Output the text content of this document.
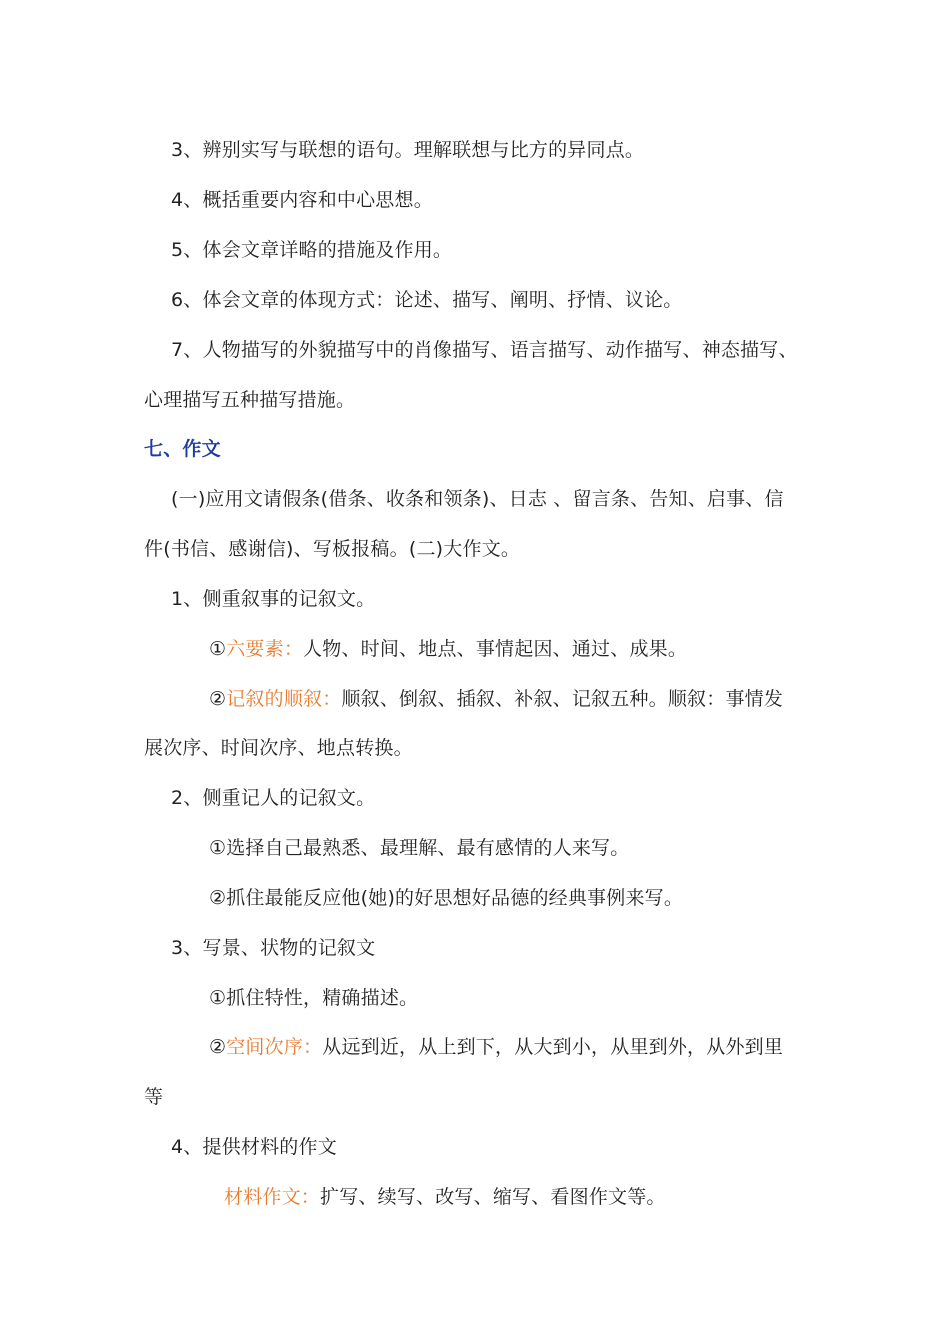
3、辨别实写与联想的语句。理解联想与比方的异同点。
4、概括重要内容和中心思想。
5、体会文章详略的措施及作用。
6、体会文章的体现方式：论述、描写、阐明、抒情、议论。
7、人物描写的外貌描写中的肖像描写、语言描写、动作描写、神态描写、
心理描写五种描写措施。
七、作文
(一)应用文请假条(借条、收条和领条)、日志 、留言条、告知、启事、信
件(书信、感谢信)、写板报稿。(二)大作文。
1、侧重叙事的记叙文。
①六要素：人物、时间、地点、事情起因、通过、成果。
②记叙的顺叙：顺叙、倒叙、插叙、补叙、记叙五种。顺叙：事情发
展次序、时间次序、地点转换。
2、侧重记人的记叙文。
①选择自己最熟悉、最理解、最有感情的人来写。
②抓住最能反应他(她)的好思想好品德的经典事例来写。
3、写景、状物的记叙文
①抓住特性，精确描述。
②空间次序：从远到近，从上到下，从大到小，从里到外，从外到里
等
4、提供材料的作文
材料作文：扩写、续写、改写、缩写、看图作文等。
